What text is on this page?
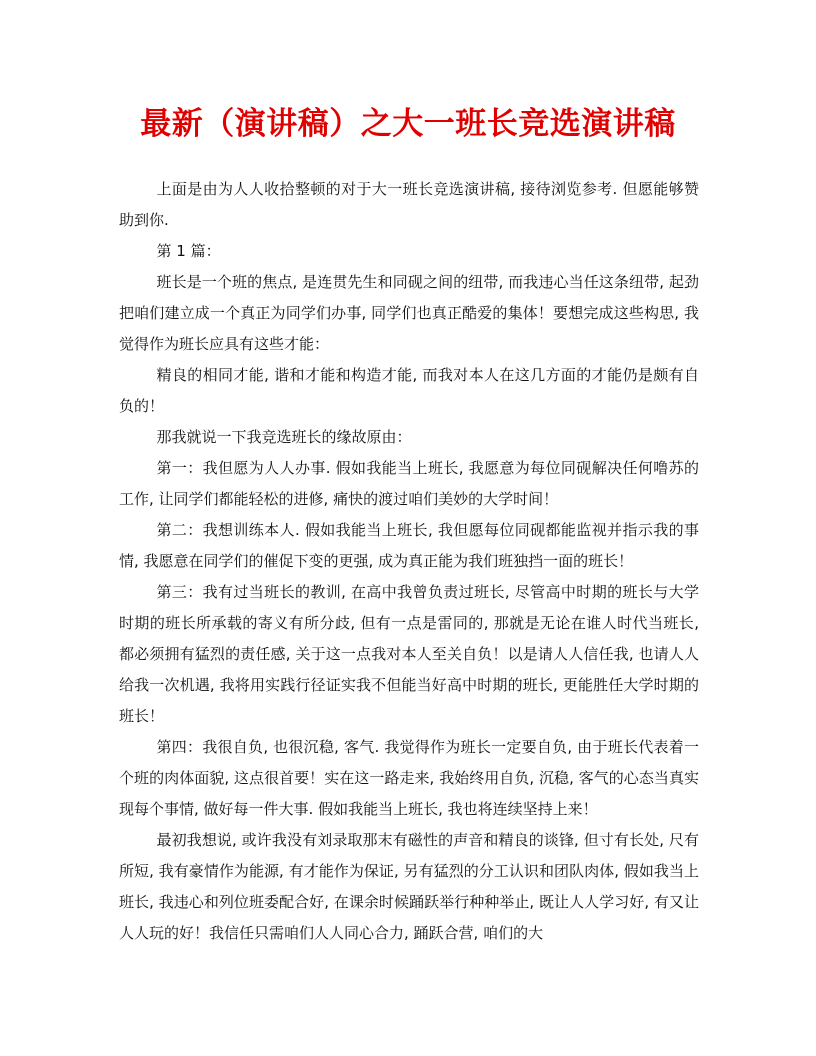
最新（演讲稿）之大一班长竞选演讲稿

上面是由为人人收拾整顿的对于大一班长竞选演讲稿, 接待浏览参考. 但愿能够赞助到你.

第 1 篇：

班长是一个班的焦点, 是连贯先生和同砚之间的纽带, 而我违心当任这条纽带, 起劲把咱们建立成一个真正为同学们办事, 同学们也真正酷爱的集体！要想完成这些构思, 我觉得作为班长应具有这些才能：

精良的相同才能, 谐和才能和构造才能, 而我对本人在这几方面的才能仍是颇有自负的！

那我就说一下我竞选班长的缘故原由：

第一：我但愿为人人办事. 假如我能当上班长, 我愿意为每位同砚解决任何噜苏的工作, 让同学们都能轻松的进修, 痛快的渡过咱们美妙的大学时间！

第二：我想训练本人. 假如我能当上班长, 我但愿每位同砚都能监视并指示我的事情, 我愿意在同学们的催促下变的更强, 成为真正能为我们班独挡一面的班长！

第三：我有过当班长的教训, 在高中我曾负责过班长, 尽管高中时期的班长与大学时期的班长所承载的寄义有所分歧, 但有一点是雷同的, 那就是无论在谁人时代当班长, 都必须拥有猛烈的责任感, 关于这一点我对本人至关自负！以是请人人信任我, 也请人人给我一次机遇, 我将用实践行径证实我不但能当好高中时期的班长, 更能胜任大学时期的班长！

第四：我很自负, 也很沉稳, 客气. 我觉得作为班长一定要自负, 由于班长代表着一个班的肉体面貌, 这点很首要！实在这一路走来, 我始终用自负, 沉稳, 客气的心态当真实现每个事情, 做好每一件大事. 假如我能当上班长, 我也将连续坚持上来！

最初我想说, 或许我没有刘录取那末有磁性的声音和精良的谈锋, 但寸有长处, 尺有所短, 我有豪情作为能源, 有才能作为保证, 另有猛烈的分工认识和团队肉体, 假如我当上班长, 我违心和列位班委配合好, 在课余时候踊跃举行种种举止, 既让人人学习好, 有又让人人玩的好！我信任只需咱们人人同心合力, 踊跃合营, 咱们的大
